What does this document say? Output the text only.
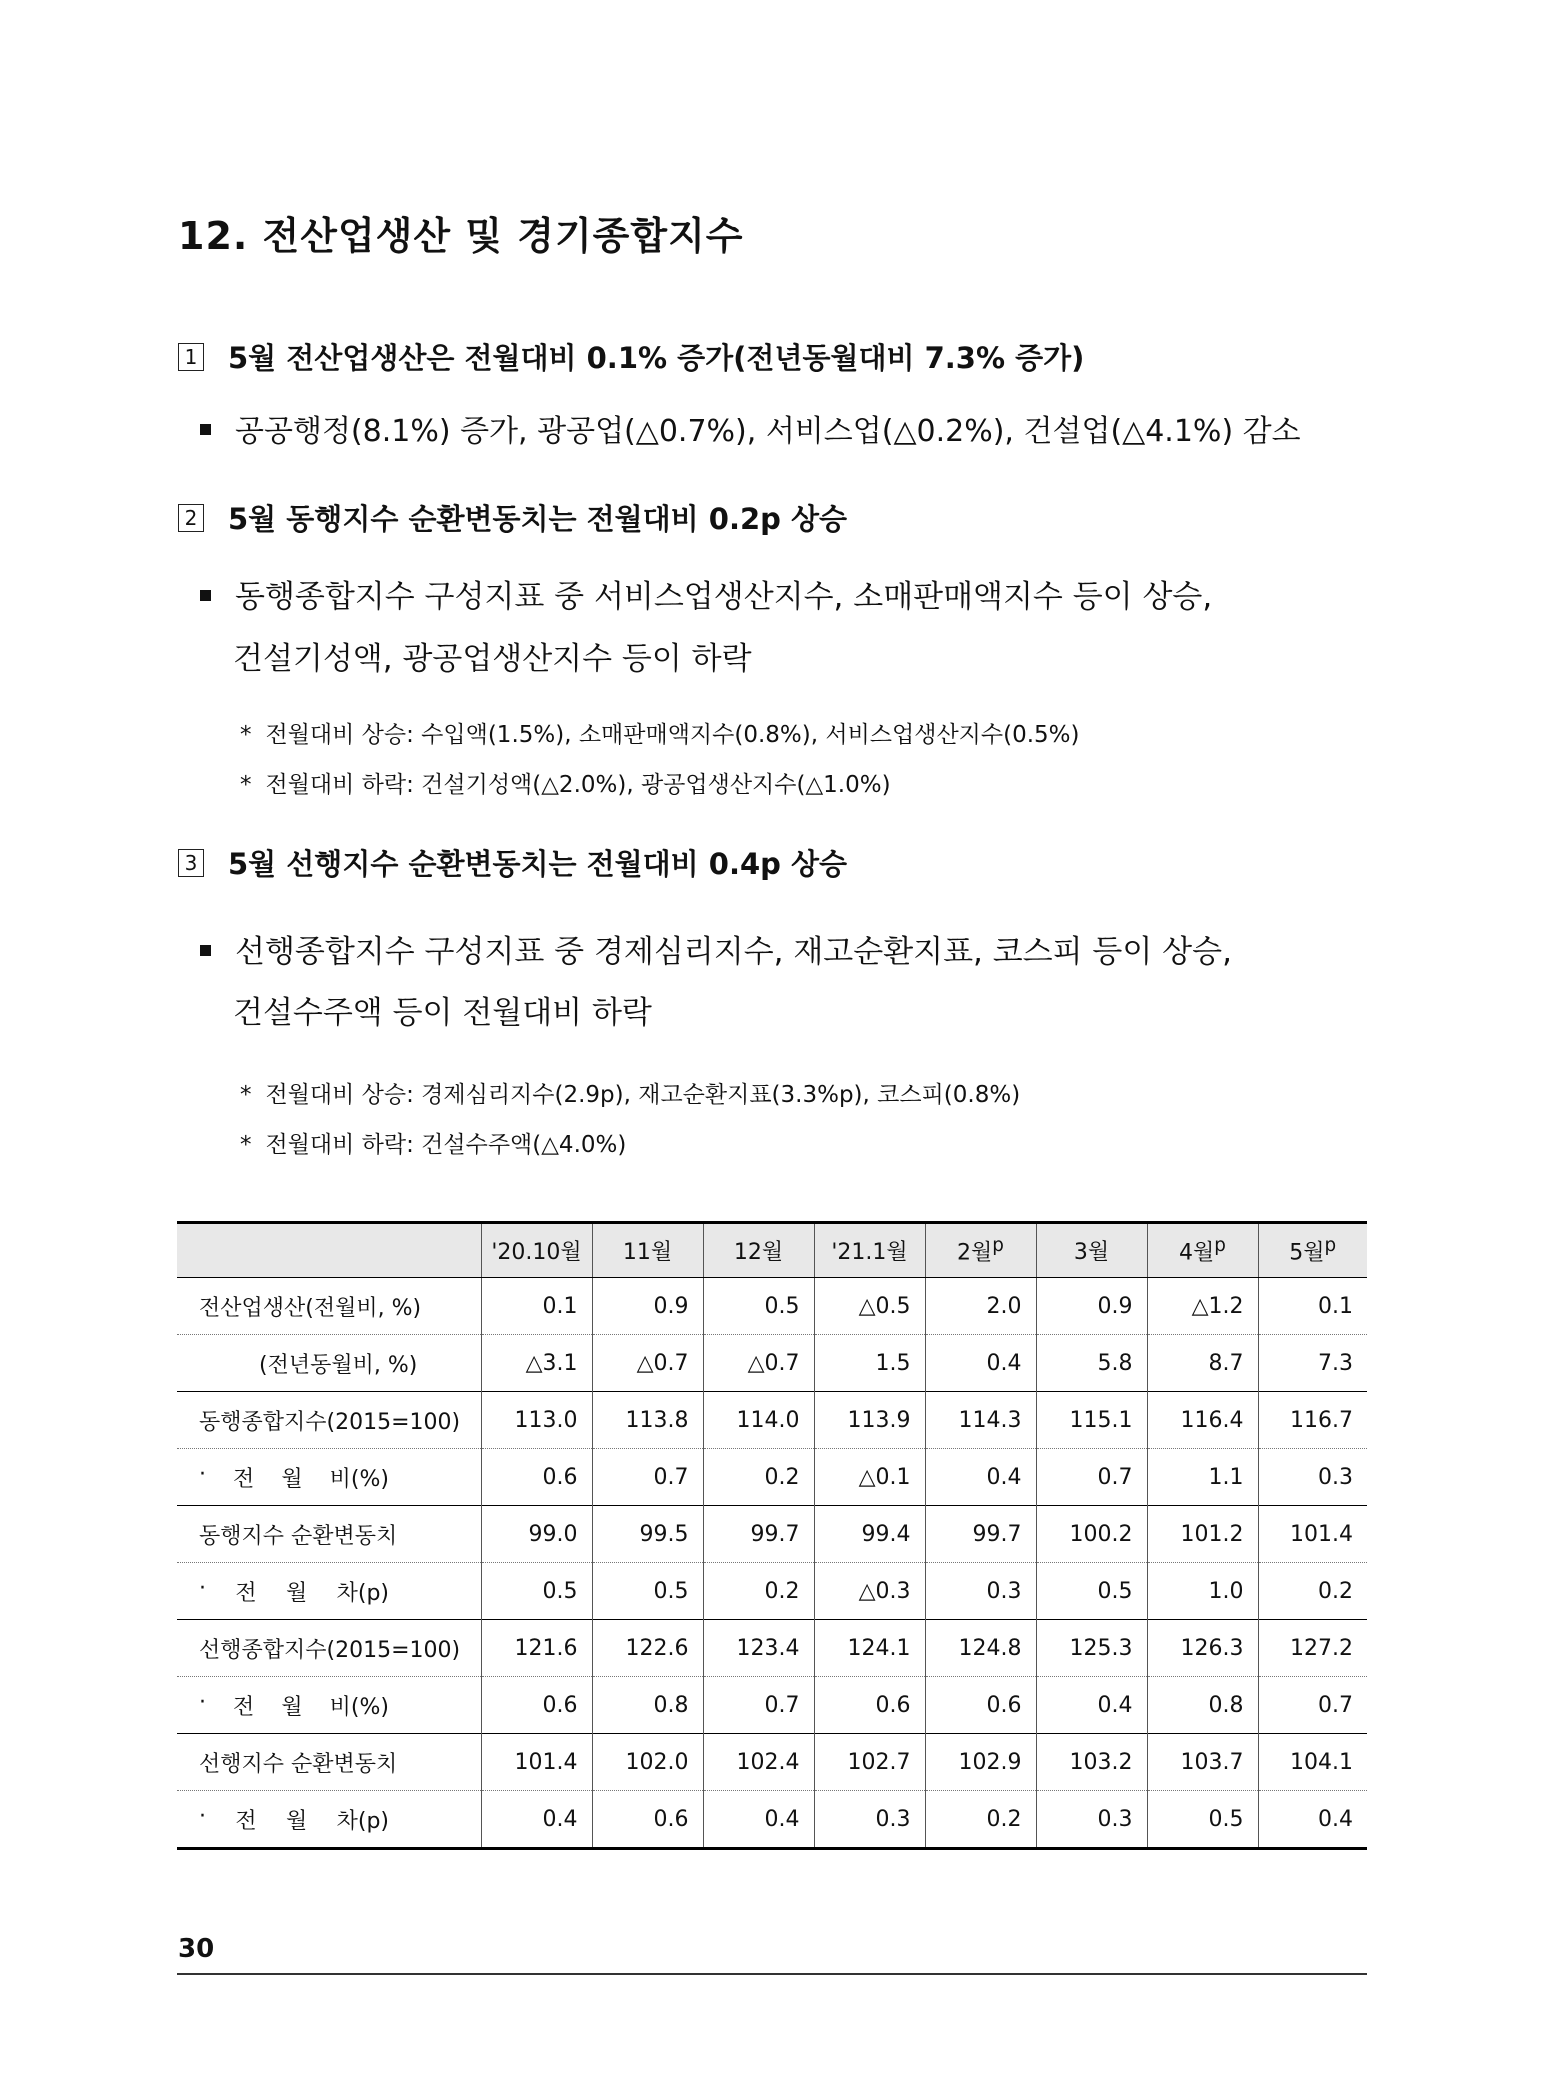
12. 전산업생산 및 경기종합지수
1 5월 전산업생산은 전월대비 0.1% 증가(전년동월대비 7.3% 증가)
공공행정(8.1%) 증가, 광공업(△0.7%), 서비스업(△0.2%), 건설업(△4.1%) 감소
2 5월 동행지수 순환변동치는 전월대비 0.2p 상승
동행종합지수 구성지표 중 서비스업생산지수, 소매판매액지수 등이 상승,
건설기성액, 광공업생산지수 등이 하락
* 전월대비 상승: 수입액(1.5%), 소매판매액지수(0.8%), 서비스업생산지수(0.5%)
* 전월대비 하락: 건설기성액(△2.0%), 광공업생산지수(△1.0%)
3 5월 선행지수 순환변동치는 전월대비 0.4p 상승
선행종합지수 구성지표 중 경제심리지수, 재고순환지표, 코스피 등이 상승,
건설수주액 등이 전월대비 하락
* 전월대비 상승: 경제심리지수(2.9p), 재고순환지표(3.3%p), 코스피(0.8%)
* 전월대비 하락: 건설수주액(△4.0%)
	'20.10월	11월	12월	'21.1월	2월$^p$	3월	4월$^p$	5월$^p$
전산업생산(전월비, %)	0.1	0.9	0.5	△0.5	2.0	0.9	△1.2	0.1
(전년동월비, %)	△3.1	△0.7	△0.7	1.5	0.4	5.8	8.7	7.3
동행종합지수(2015=100)	113.0	113.8	114.0	113.9	114.3	115.1	116.4	116.7

· 전 월 비(%)	0.6	0.7	0.2	△0.1	0.4	0.7	1.1	0.3
동행지수 순환변동치	99.0	99.5	99.7	99.4	99.7	100.2	101.2	101.4

· 전 월 차(p)	0.5	0.5	0.2	△0.3	0.3	0.5	1.0	0.2
선행종합지수(2015=100)	121.6	122.6	123.4	124.1	124.8	125.3	126.3	127.2

· 전 월 비(%)	0.6	0.8	0.7	0.6	0.6	0.4	0.8	0.7
선행지수 순환변동치	101.4	102.0	102.4	102.7	102.9	103.2	103.7	104.1

· 전 월 차(p)	0.4	0.6	0.4	0.3	0.2	0.3	0.5	0.4
30
